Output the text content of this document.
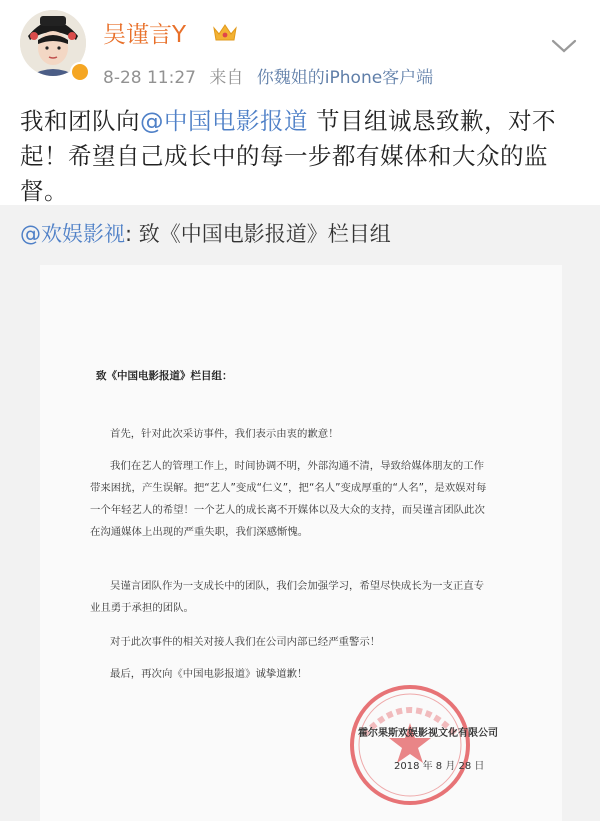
吴谨言Y
8-28 11:27 来自 你魏姐的iPhone客户端
我和团队向@中国电影报道 节目组诚恳致歉，对不起！希望自己成长中的每一步都有媒体和大众的监督。
@欢娱影视: 致《中国电影报道》栏目组
致《中国电影报道》栏目组：
首先，针对此次采访事件，我们表示由衷的歉意！
我们在艺人的管理工作上，时间协调不明，外部沟通不清，导致给媒体朋友的工作带来困扰，产生误解。把“艺人”变成“仁义”，把“名人”变成厚重的“人名”，是欢娱对每一个年轻艺人的希望！一个艺人的成长离不开媒体以及大众的支持，而吴谨言团队此次在沟通媒体上出现的严重失职，我们深感惭愧。
吴谨言团队作为一支成长中的团队，我们会加强学习，希望尽快成长为一支正直专业且勇于承担的团队。
对于此次事件的相关对接人我们在公司内部已经严重警示！
最后，再次向《中国电影报道》诚挚道歉！
霍尔果斯欢娱影视文化有限公司
2018 年 8 月 28 日
